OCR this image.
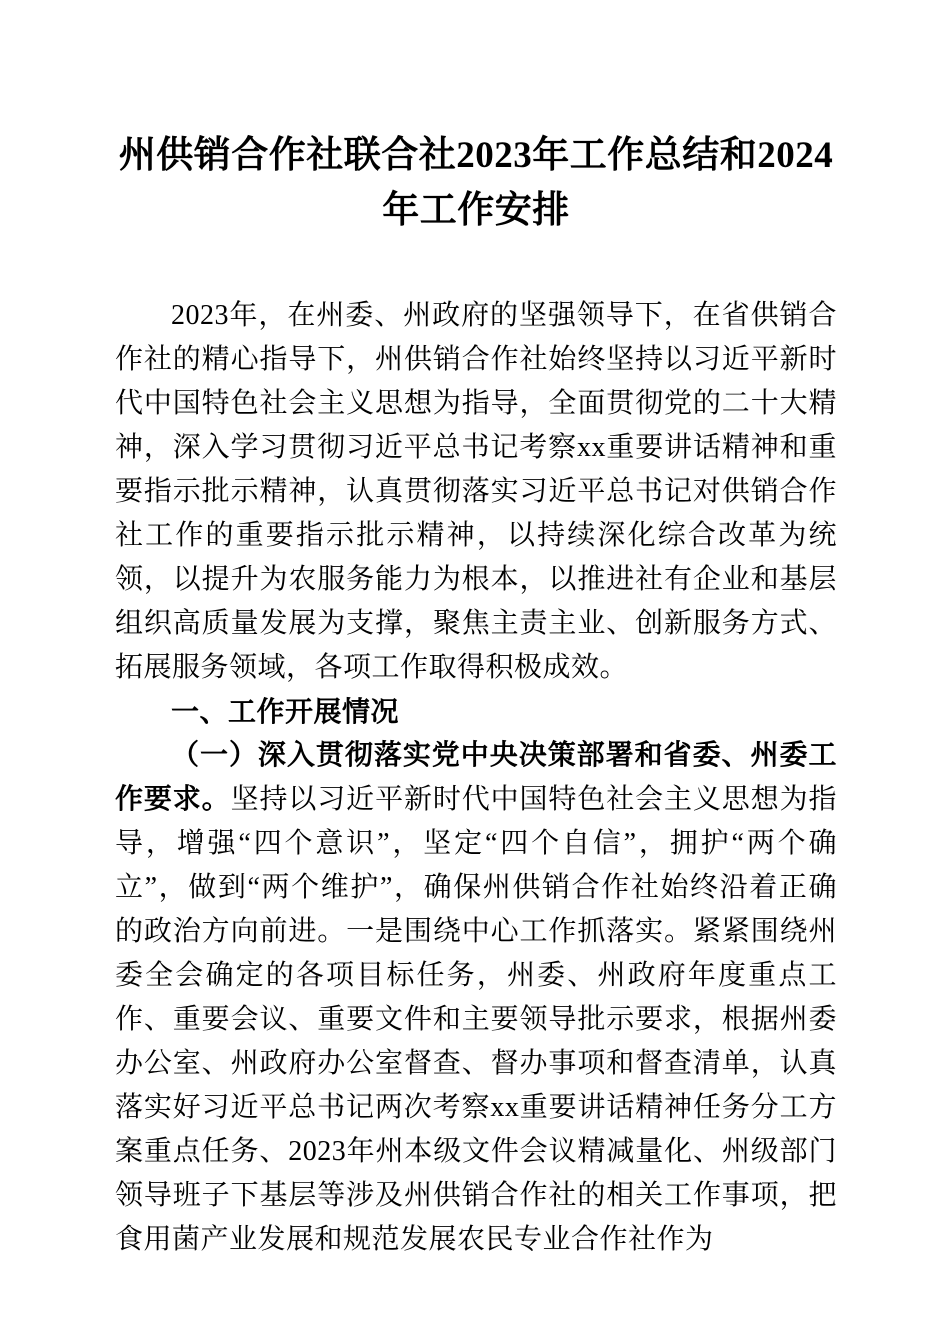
州供销合作社联合社2023年工作总结和2024年工作安排

2023年，在州委、州政府的坚强领导下，在省供销合作社的精心指导下，州供销合作社始终坚持以习近平新时代中国特色社会主义思想为指导，全面贯彻党的二十大精神，深入学习贯彻习近平总书记考察xx重要讲话精神和重要指示批示精神，认真贯彻落实习近平总书记对供销合作社工作的重要指示批示精神，以持续深化综合改革为统领，以提升为农服务能力为根本，以推进社有企业和基层组织高质量发展为支撑，聚焦主责主业、创新服务方式、拓展服务领域，各项工作取得积极成效。

一、工作开展情况

（一）深入贯彻落实党中央决策部署和省委、州委工作要求。坚持以习近平新时代中国特色社会主义思想为指导，增强“四个意识”，坚定“四个自信”，拥护“两个确立”，做到“两个维护”，确保州供销合作社始终沿着正确的政治方向前进。一是围绕中心工作抓落实。紧紧围绕州委全会确定的各项目标任务，州委、州政府年度重点工作、重要会议、重要文件和主要领导批示要求，根据州委办公室、州政府办公室督查、督办事项和督查清单，认真落实好习近平总书记两次考察xx重要讲话精神任务分工方案重点任务、2023年州本级文件会议精减量化、州级部门领导班子下基层等涉及州供销合作社的相关工作事项，把食用菌产业发展和规范发展农民专业合作社作为
